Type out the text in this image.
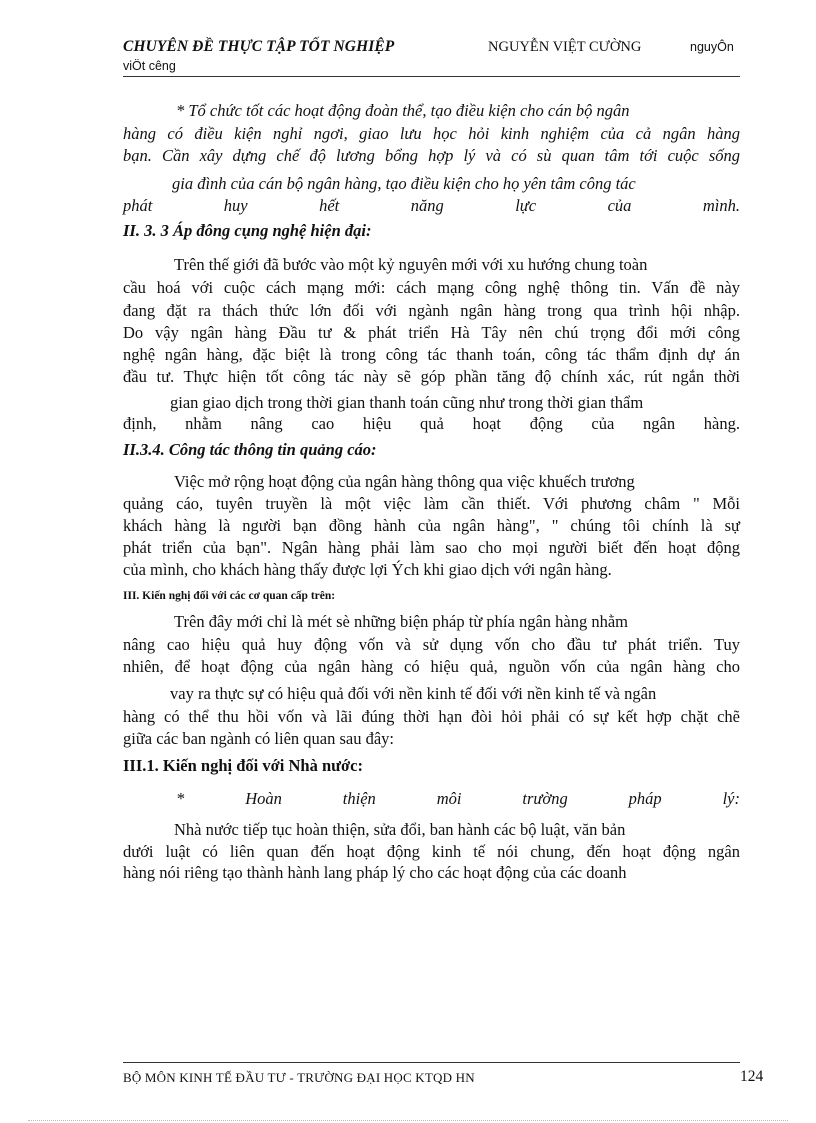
CHUYÊN ĐỀ THỰC TẬP TỐT NGHIỆP	NGUYỄN VIỆT CƯỜNG	nguyÔn
viÖt cêng
* Tổ chức tốt các hoạt động đoàn thể, tạo điều kiện cho cán bộ ngân
hàng có điều kiện nghỉ ngơi, giao lưu học hỏi kinh nghiệm của cả ngân hàng
bạn. Cần xây dựng chế độ lương bổng hợp lý và có sù quan tâm tới cuộc sống
gia đình của cán bộ ngân hàng, tạo điều kiện cho họ yên tâm công tác
phát huy hết năng lực của mình.
II. 3. 3 Áp đông cụng nghệ hiện đại:
Trên thế giới đã bước vào một kỷ nguyên mới với xu hướng chung toàn
cầu hoá với cuộc cách mạng mới: cách mạng công nghệ thông tin. Vấn đề này
đang đặt ra thách thức lớn đối với ngành ngân hàng trong qua trình hội nhập.
Do vậy ngân hàng Đầu tư & phát triển Hà Tây nên chú trọng đổi mới công
nghệ ngân hàng, đặc biệt là trong công tác thanh toán, công tác thẩm định dự án
đầu tư. Thực hiện tốt công tác này sẽ góp phần tăng độ chính xác, rút ngắn thời
gian giao dịch trong thời gian thanh toán cũng như trong thời gian thẩm
định, nhằm nâng cao hiệu quả hoạt động của ngân hàng.
II.3.4. Công tác thông tin quảng cáo:
Việc mở rộng hoạt động của ngân hàng thông qua việc khuếch trương
quảng cáo, tuyên truyền là một việc làm cần thiết. Với phương châm " Mỗi
khách hàng là người bạn đồng hành của ngân hàng", " chúng tôi chính là sự
phát triển của bạn". Ngân hàng phải làm sao cho mọi người biết đến hoạt động
của mình, cho khách hàng thấy được lợi Ých khi giao dịch với ngân hàng.
III. Kiến nghị đối với các cơ quan cấp trên:
Trên đây mới chỉ là mét sè những biện pháp từ phía ngân hàng nhằm
nâng cao hiệu quả huy động vốn và sử dụng vốn cho đầu tư phát triển. Tuy
nhiên, để hoạt động của ngân hàng có hiệu quả, nguồn vốn của ngân hàng cho
vay ra thực sự có hiệu quả đối với nền kinh tế đối với nền kinh tế và ngân
hàng có thể thu hồi vốn và lãi đúng thời hạn đòi hỏi phải có sự kết hợp chặt chẽ
giữa các ban ngành có liên quan sau đây:
III.1. Kiến nghị đối với Nhà nước:
* Hoàn thiện môi trường pháp lý:
Nhà nước tiếp tục hoàn thiện, sửa đổi, ban hành các bộ luật, văn bản
dưới luật có liên quan đến hoạt động kinh tế nói chung, đến hoạt động ngân
hàng nói riêng tạo thành hành lang pháp lý cho các hoạt động của các doanh
BỘ MÔN KINH TẾ ĐẦU TƯ - TRƯỜNG ĐẠI HỌC KTQD HN	124
